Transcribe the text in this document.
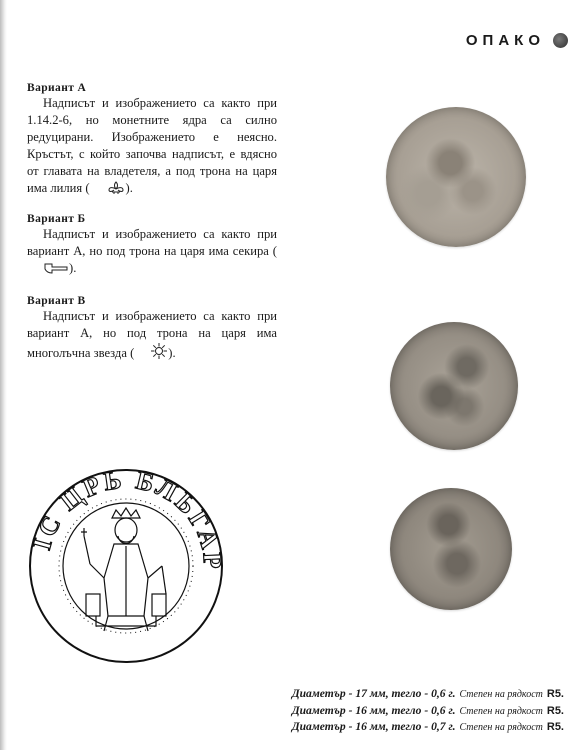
ОПАКО
Вариант А

Надписът и изображението са както при 1.14.2-6, но монетните ядра са силно редуцирани. Изображението е неясно. Кръстът, с който започва надписът, е вдясно от главата на владетеля, а под трона на царя има лилия (	).

Вариант Б

Надписът и изображението са както при вариант А, но под трона на царя има секира ().

Вариант В

Надписът и изображението са както при вариант А, но под трона на царя има многолъчна звезда (	).

IC ЦРЬ БЛЬГАР
Диаметър - 17 мм, тегло - 0,6 г. Степен на рядкост R5.
Диаметър - 16 мм, тегло - 0,6 г. Степен на рядкост R5.
Диаметър - 16 мм, тегло - 0,7 г. Степен на рядкост R5.
